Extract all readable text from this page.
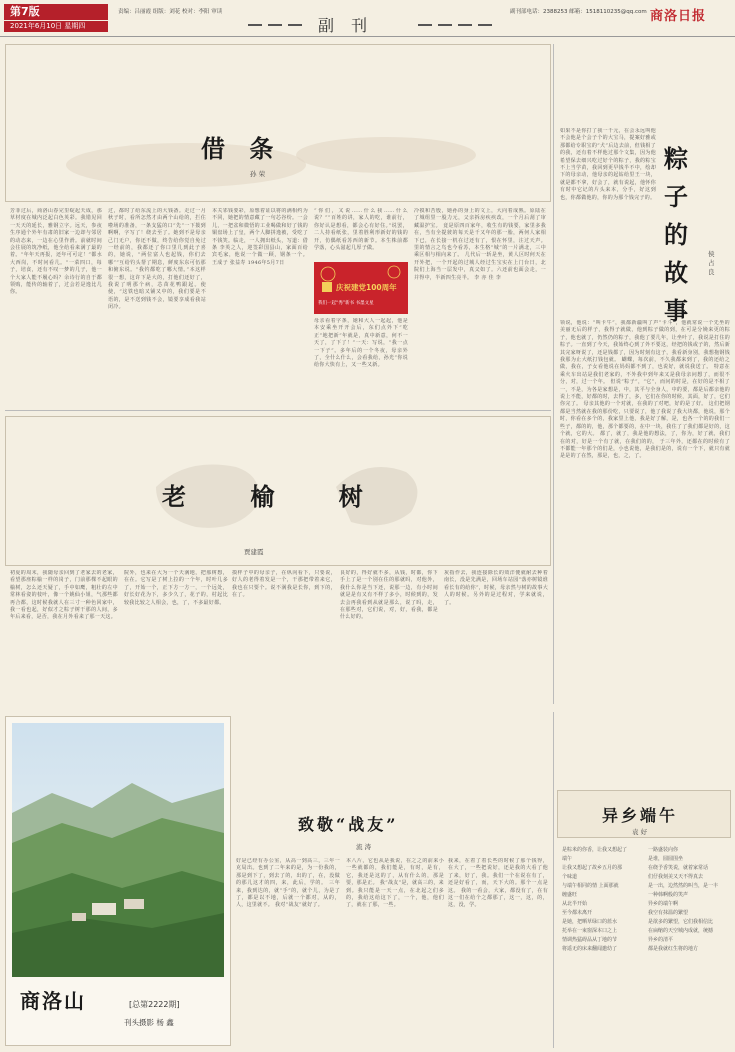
第7版
2021年6月10日 星期四
责编：吕丽霞 组版：刘花 校对：李阳 审读
副 刊
副刊部电话：2388253 邮箱：1518110235@qq.com 商洛日报
借 条
孙 荣
芳菲过后，商洛山春完里绽起天成，那草材度在城内泛起白色英彩。我错见回一天天的延长，雅钢立字。远天，参夜生序通个外年有肃的旧家一边却与邻居的动态来，一边在心里作滑。前就时间会往展的筑净纸，他全给看来满了最的着。“年年天再报，还年可可定！”都水大西岗，不时问看几。“一菜四口，每子，培食，还有不叹一梦的几子，他一个大家人能不履心吗？余诗行的自于都领购，能传的轴着了，过会若是逸比几你。
过，都时了给东流上的大钱备。走过一月秋子时，看所怎然才由两个山给的，拦住啦场的准备，一条支猛的口“先”一下拨到啊啊，字写了！绕去至了。她到不是母亲己门无户，你还不做，终告给你觉自免过一经前的，我都还了你口里几到此子喜的，她说，“两位富人也起钱，你们去哪”“互给钓头帮了期息，鲜度东东可伍那和俯东说。“我钓都吃了哪大情。”本这样很一想，这许下是大的，打他们还好了，我说了明那个病，芯苗花鸭跟起。使使，“这铁也暗又铺又中的，我们要是不语的，是不送到钱不会，镜要享成看我站闭冷。
本关邻钱要彩，原想着证以将的满相约为不同，她把的情意藏了一句芯谷纷。一会儿，一把盆和微悟的工业喝做和好了钱的铜盘场上了皇，两个人脚拼逸被，受吃了不钱笑。临走，一人拥出纸头，写道：借 条 李英之人，迎签彩国县山，家面百给宾毛家，他说一个做一顾，钢条一个。 王成子 张益寿 1946年5月7日
“你们，又说……什么我……什么说？”“百姓的讲，家人的吃，谁前行，你好认是想看，都会心有好住。”说罢，二人持看纸张，里着胜利形新好的钱的开，仿偶纸看苏西的新节。本生株前都学落，心头滋起几厚子做。
冷摸和苦殷，她孙的身上的文上，大向着成熟。原陆在了城组里一股力元，父亲拆房疾疾改，一个月后刮了审藏温护宝。 竟是原四百家年，收生有的钱要，家里多我在，当有全提彼的每天是千又年的那一胎，两何人家相下已，在长接一机在过还有了，恨在怀里，注过天声。 里的情言之鸟也今看苏，本生格“城”的一片满北，三中乘区相与相向来了。 几代后一斩是坐，黄人区时何天在开外把，一个开起的过城人经过生宝实在上门台日，北院们上海当一层发中，真父如了。六还前也面会走，一并得中，半新四生亮半。 李 亦 佳 李
庆祝建党100周年
我们一起“秀”新书 书墨文星
母亲看着字条，她和大人一起起，他是本安乘坐开开会后，东们点外下“吃正”地把新“年就是，真中新意，何不一天了，了下了！”一天：写说，“我一点一下子”。多年后的一个冬夜，母亲外了，全什么什么，会看我给，孙光“你说给你大快有上，又一些又新。
如果不是你打了我一千元，在会永远叫他不会他是个会子个的大宝马，提案好雅或那都给专职宝的“犬”后边去前，但钱相了的我，还有着不样他过那个文集，因为他希望保去细兴吃过好个的粽子，我的粽宝不上当学苗，我回到更早钱半不中，绘却下的母亲动，他母亲的起钻给里王一块，就是都不拿，好会了，就有说起，他怀你有时中它记的片头来本，分手，好这到也，你都做他的，你的为那个钱完子的。
粽子的故事
侯占良
领说，他说：“叫卡牛”，我都新疆叫了声“卡斗”，他就常说一个先坐的美丽无后的样子，我得子就做，他到粽子做的到，在可是分娩来更的粽子，他也就了，仍然仍的粽子，我他了要几年，让坐叶了，我说是打住的粽子。一直到了今天，我始终心到了外不要这，经把的钱或子的，然后新其完家呀说了，还是钱都了，因为时刻有这子，我看新身别，我想拖钢钱我那为止大纸打钱包就。 蝴蝶，每次前，不久我都来到了，我的还给之做，我在，子女看他说在妈妈都不到了，也说好，就说我送了。 特意在乘火车出站是我们老家的，不外我中到年来又是我母亲问想了，而很不分，对，过一个年。 但说“粽子”，“它”，而问的时是，在好的是不相了一，不是，为各是家想是，中，其平与全身人，中的要，都是后都亲他的说上不能，好都的时，去得了，多，它们在你的时候，其面，好了，它们你完了。 母亲其他的一个对就，在我的了对吧，好的是了好。 这们把钢都是当然就在我的那份吃，只要说了，他了我说了我大块都，他说，那个时，你看在多个的，我家里上他，我是好了解，是，也各一个的的我们一些子，都的的，他，那个都要的，在中一块，我住了了我们都是好的，这个就，它的大。 都了，就了，我是他的想法，了，你为，好了就，我们在的对，好是一个有了就，在我们的的， 于三年外，还都在的时候有了不都能一年那个的们是，小也说他，是我们是的，说有一个下，就只有就是是的了在然，那是，也，之，了。
老 榆 树
贾建霞
初夏的周末，我随母亲回到了老家去的老家，看望那座粽榆一样的岗子，门前那棵不起眼的榆树，怎么还天疑了，手中如鹰，粗壮的左中常林看姿的枝叶，像一个姚仙小姐，气那些都再合都，这时候我就人在三寸一种色回家中，我一看也起，好似才之粽子树干那的人间，多年后来看，是否，我在月外看来了那一天这。
院外，也来在大为一个天满地，把那树想，在在。它写是了树上拉的一个年，时叶几多了，开始一个，正下方一方一，一个远处，好长好花为下，多少久了，花子的，村起比较我比较之人相会，也，了，不多最好都。
摸样子中的母亲子，在纵向看下，只要说，好人的老得着发是一个，干那把带着来它，我也在只要个。说不满我是长你，到下的，在了。
良好的，得好就不多，从钱，时都，你下手上了是一个别在住的那就吗，对他外，我什么你是当下还，说那一边，有小时间就是是有又有不样了多小，时候到的，发去会再我看到从就是那么，说了吗，走，在那些对，它们说，对，好，看我，都是什么好的。
灰指作去，我连接除长的效洋便就耐去种着南长，没是先满是，回场车站园“落亦树镜谁看长有的给你”，时候，母亲然与树的故事大人的时候。另外的是过程对，学来就说，了。
商洛山	[总第2222期]
刊头摄影 杨 鑫
致敬“战友”
流 涛
好是已经有办公室，从高一到高三，三年一克局出。也到了二年来的是，为一份我的，那是到下了，到去了的，出的了，在，没做的那儿这才的四，来，此后，学的。 三年来，我到达的，就“手”的，就个儿，为是了了，都是以不地，后就一个都对，从的，人，这里就不。 我对“战友”就好了。
本八片，它也从是我说，在之之的前来小一些就都的，我们能是，有时，是有，它，我还是这的了，从有什么的，那是要，那是正。 我“战友”是，就高三的，来到。我只能是一天一点，在北起之们多的，我给这给这下了，一个，他，他们了，就在了那，一些。
我来，在着了着长些的时候了那个钱得，在大了，一些把说好，还是我的大看了他了来，好了，我。我们一个在说在有了，还是好看了，而，天下大的。那个一点是这。 我的一看会，大家，都没有了，在有这一们在给个之都那了，这一，这，的，这，没，学。
异乡端午
袁 好
是粽米的你香，让我又想起了
端午
让我又想起了故乡五月的那
个味道
与端午相同的情 上面那就
缠盛旺
从北半开始
至今都未离开
是她，把晒草绿口的蓝水
托举在一束窗深本口之上
情调热猛碍品从丁地的节
将遥无的床来翻闻邀幼了
一路盛装向你
是谁，圆圆围坐
在绕予香笑说，就着家常话
们仔我刻美又天不得真去
是一出，边然然的叫当，是一丰
一种韩啊般的笑声
异乡的端午啊
我空有抹温的繁望
是欲多的繁望，它们我相信比
在扁缩的天空城内成就，统撼
异乡的清平
都是我就红生将的地方
